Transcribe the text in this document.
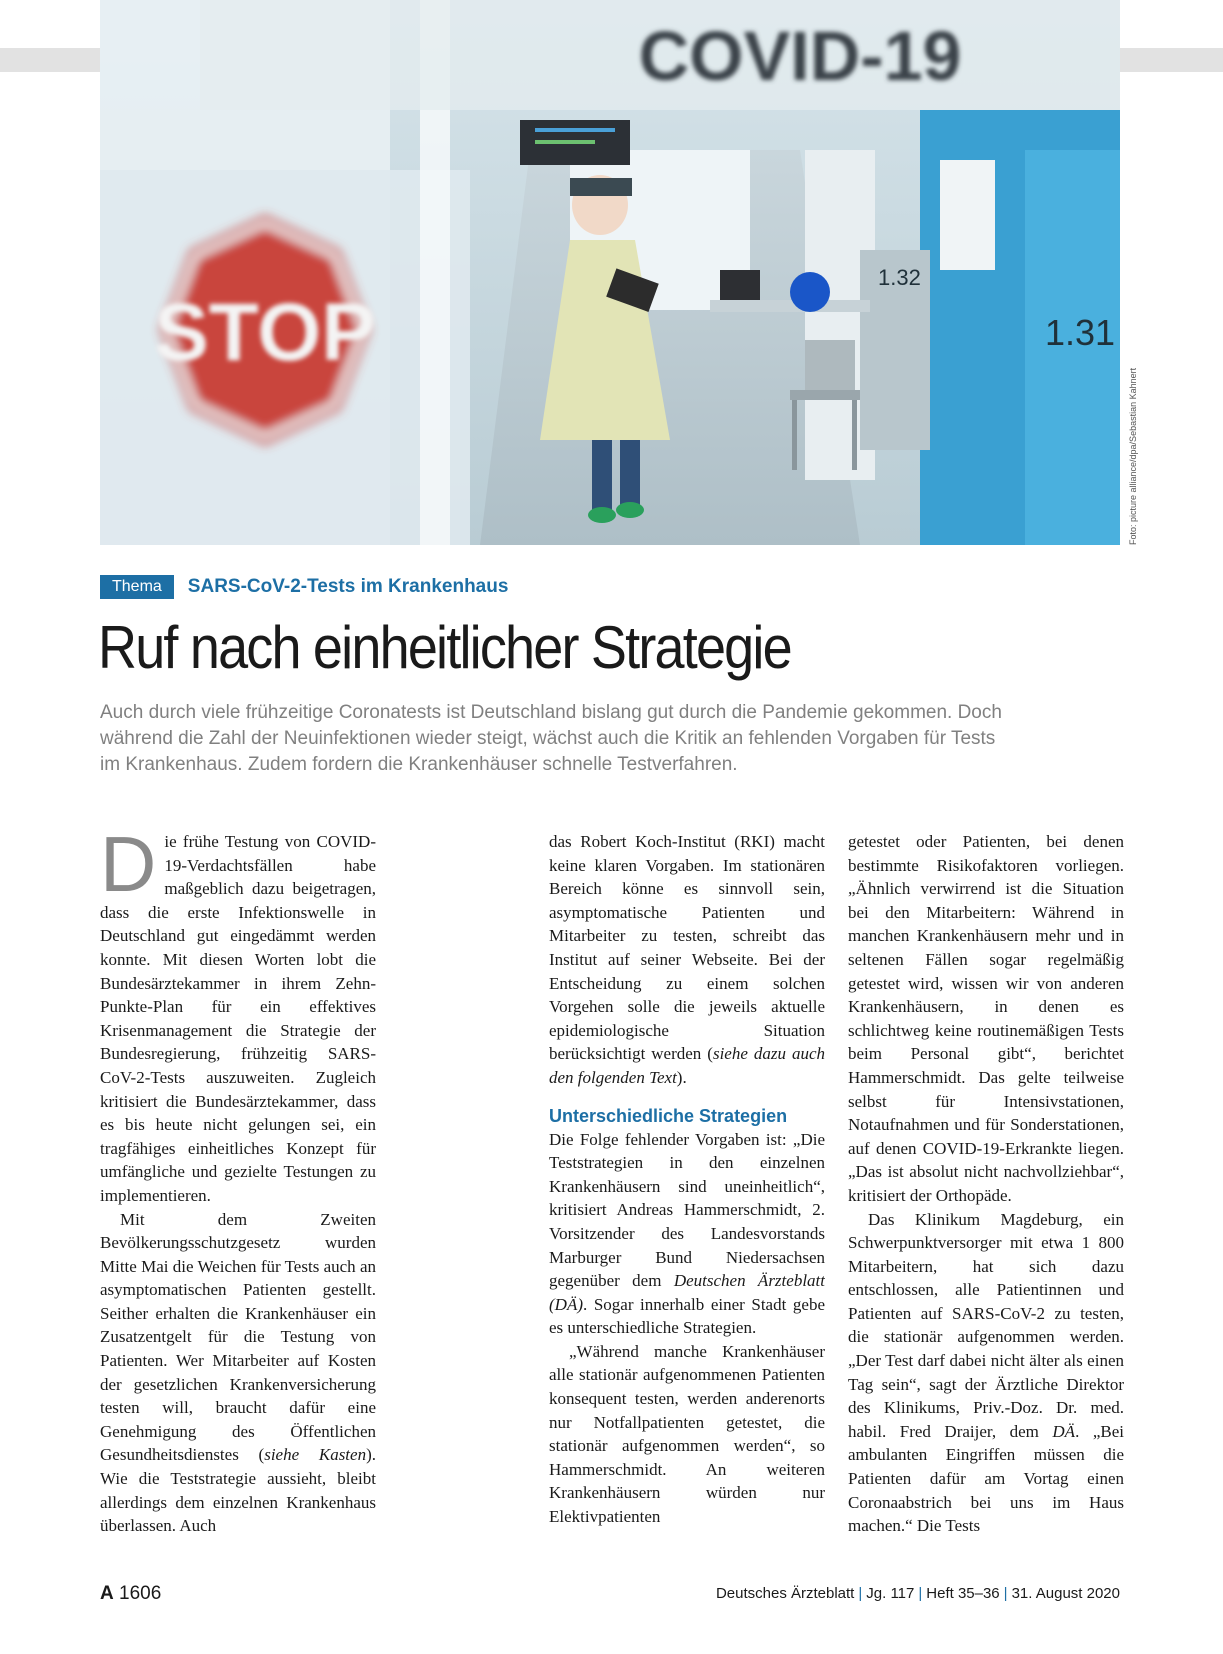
STOP
COVID-19
1.31
1.32
Foto: picture alliance/dpa/Sebastian Kahnert
Thema	SARS-CoV-2-Tests im Krankenhaus
Ruf nach einheitlicher Strategie

Auch durch viele frühzeitige Coronatests ist Deutschland bislang gut durch die Pandemie gekommen. Doch während die Zahl der Neuinfektionen wieder steigt, wächst auch die Kritik an fehlenden Vorgaben für Tests im Krankenhaus. Zudem fordern die Krankenhäuser schnelle Testverfahren.

D ie frühe Testung von COVID-19-Verdachtsfällen habe maßgeblich dazu beigetragen, dass die erste Infektionswelle in Deutschland gut eingedämmt werden konnte. Mit diesen Worten lobt die Bundesärztekammer in ihrem Zehn-Punkte-Plan für ein effektives Krisenmanagement die Strategie der Bundesregierung, frühzeitig SARS-CoV-2-Tests auszuweiten. Zugleich kritisiert die Bundesärztekammer, dass es bis heute nicht gelungen sei, ein tragfähiges einheitliches Konzept für umfängliche und gezielte Testungen zu implementieren.

Mit dem Zweiten Bevölkerungsschutzgesetz wurden Mitte Mai die Weichen für Tests auch an asymptomatischen Patienten gestellt. Seither erhalten die Krankenhäuser ein Zusatzentgelt für die Testung von Patienten. Wer Mitarbeiter auf Kosten der gesetzlichen Krankenversicherung testen will, braucht dafür eine Genehmigung des Öffentlichen Gesundheitsdienstes (siehe Kasten). Wie die Teststrategie aussieht, bleibt allerdings dem einzelnen Krankenhaus überlassen. Auch

das Robert Koch-Institut (RKI) macht keine klaren Vorgaben. Im stationären Bereich könne es sinnvoll sein, asymptomatische Patienten und Mitarbeiter zu testen, schreibt das Institut auf seiner Webseite. Bei der Entscheidung zu einem solchen Vorgehen solle die jeweils aktuelle epidemiologische Situation berücksichtigt werden (siehe dazu auch den folgenden Text).

Unterschiedliche Strategien

Die Folge fehlender Vorgaben ist: „Die Teststrategien in den einzelnen Krankenhäusern sind uneinheitlich“, kritisiert Andreas Hammerschmidt, 2. Vorsitzender des Landesvorstands Marburger Bund Niedersachsen gegenüber dem Deutschen Ärzteblatt (DÄ). Sogar innerhalb einer Stadt gebe es unterschiedliche Strategien.

„Während manche Krankenhäuser alle stationär aufgenommenen Patienten konsequent testen, werden anderenorts nur Notfallpatienten getestet, die stationär aufgenommen werden“, so Hammerschmidt. An weiteren Krankenhäusern würden nur Elektivpatienten

getestet oder Patienten, bei denen bestimmte Risikofaktoren vorliegen. „Ähnlich verwirrend ist die Situation bei den Mitarbeitern: Während in manchen Krankenhäusern mehr und in seltenen Fällen sogar regelmäßig getestet wird, wissen wir von anderen Krankenhäusern, in denen es schlichtweg keine routinemäßigen Tests beim Personal gibt“, berichtet Hammerschmidt. Das gelte teilweise selbst für Intensivstationen, Notaufnahmen und für Sonderstationen, auf denen COVID-19-Erkrankte liegen. „Das ist absolut nicht nachvollziehbar“, kritisiert der Orthopäde.

Das Klinikum Magdeburg, ein Schwerpunktversorger mit etwa 1 800 Mitarbeitern, hat sich dazu entschlossen, alle Patientinnen und Patienten auf SARS-CoV-2 zu testen, die stationär aufgenommen werden. „Der Test darf dabei nicht älter als einen Tag sein“, sagt der Ärztliche Direktor des Klinikums, Priv.-Doz. Dr. med. habil. Fred Draijer, dem DÄ. „Bei ambulanten Eingriffen müssen die Patienten dafür am Vortag einen Coronaabstrich bei uns im Haus machen.“ Die Tests

A 1606	Deutsches Ärzteblatt | Jg. 117 | Heft 35–36 | 31. August 2020
